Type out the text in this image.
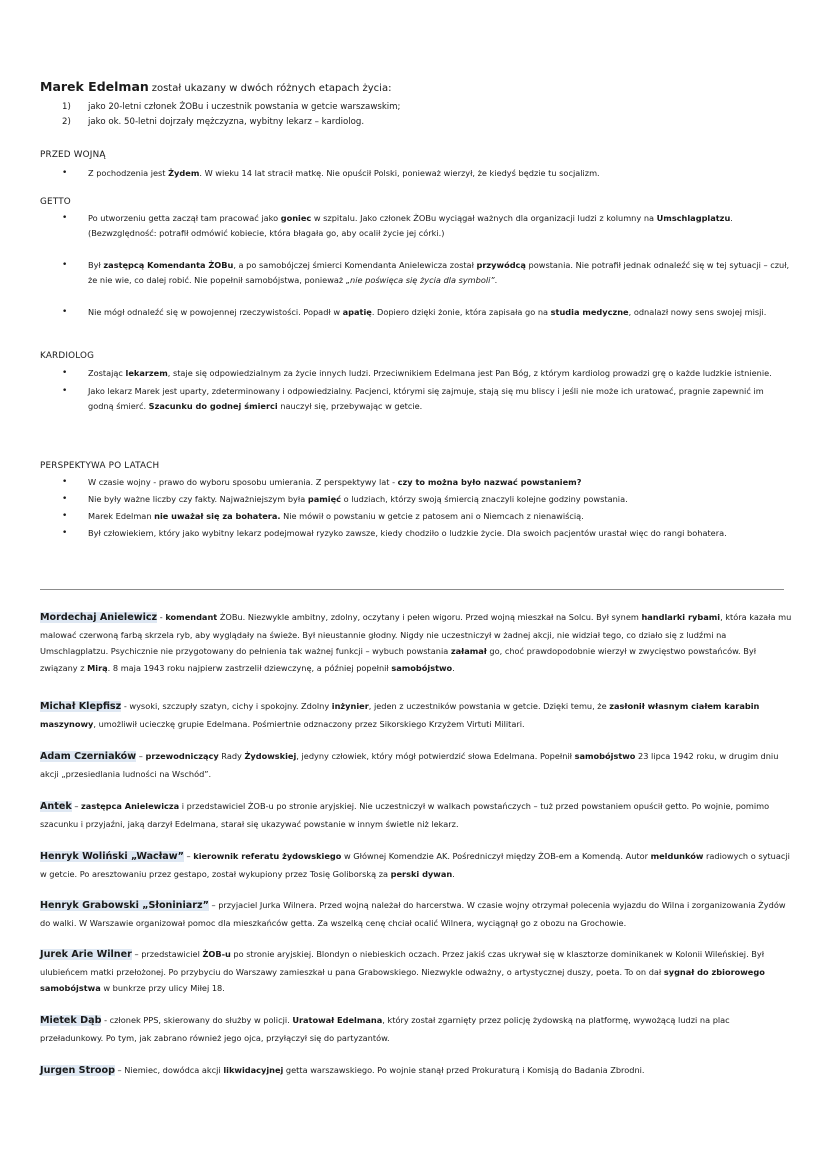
Marek Edelman został ukazany w dwóch różnych etapach życia:
1) jako 20-letni członek ŻOBu i uczestnik powstania w getcie warszawskim;
2) jako ok. 50-letni dojrzały mężczyzna, wybitny lekarz – kardiolog.
PRZED WOJNĄ
•	Z pochodzenia jest Żydem. W wieku 14 lat stracił matkę. Nie opuścił Polski, ponieważ wierzył, że kiedyś będzie tu socjalizm.
GETTO
•	Po utworzeniu getta zaczął tam pracować jako goniec w szpitalu. Jako członek ŻOBu wyciągał ważnych dla organizacji ludzi z kolumny na Umschlagplatzu. (Bezwzględność: potrafił odmówić kobiecie, która błagała go, aby ocalił życie jej córki.)
•	Był zastępcą Komendanta ŻOBu, a po samobójczej śmierci Komendanta Anielewicza został przywódcą powstania. Nie potrafił jednak odnaleźć się w tej sytuacji – czuł, że nie wie, co dalej robić. Nie popełnił samobójstwa, ponieważ „nie poświęca się życia dla symboli”.
•	Nie mógł odnaleźć się w powojennej rzeczywistości. Popadł w apatię. Dopiero dzięki żonie, która zapisała go na studia medyczne, odnalazł nowy sens swojej misji.
KARDIOLOG
•	Zostając lekarzem, staje się odpowiedzialnym za życie innych ludzi. Przeciwnikiem Edelmana jest Pan Bóg, z którym kardiolog prowadzi grę o każde ludzkie istnienie.
•	Jako lekarz Marek jest uparty, zdeterminowany i odpowiedzialny. Pacjenci, którymi się zajmuje, stają się mu bliscy i jeśli nie może ich uratować, pragnie zapewnić im godną śmierć. Szacunku do godnej śmierci nauczył się, przebywając w getcie.
PERSPEKTYWA PO LATACH
•	W czasie wojny - prawo do wyboru sposobu umierania. Z perspektywy lat - czy to można było nazwać powstaniem?
•	Nie były ważne liczby czy fakty. Najważniejszym była pamięć o ludziach, którzy swoją śmiercią znaczyli kolejne godziny powstania.
•	Marek Edelman nie uważał się za bohatera. Nie mówił o powstaniu w getcie z patosem ani o Niemcach z nienawiścią.
•	Był człowiekiem, który jako wybitny lekarz podejmował ryzyko zawsze, kiedy chodziło o ludzkie życie. Dla swoich pacjentów urastał więc do rangi bohatera.
Mordechaj Anielewicz - komendant ŻOBu. Niezwykle ambitny, zdolny, oczytany i pełen wigoru. Przed wojną mieszkał na Solcu. Był synem handlarki rybami, która kazała mu malować czerwoną farbą skrzela ryb, aby wyglądały na świeże. Był nieustannie głodny. Nigdy nie uczestniczył w żadnej akcji, nie widział tego, co działo się z ludźmi na Umschlagplatzu. Psychicznie nie przygotowany do pełnienia tak ważnej funkcji – wybuch powstania załamał go, choć prawdopodobnie wierzył w zwycięstwo powstańców. Był związany z Mirą. 8 maja 1943 roku najpierw zastrzelił dziewczynę, a później popełnił samobójstwo.
Michał Klepfisz - wysoki, szczupły szatyn, cichy i spokojny. Zdolny inżynier, jeden z uczestników powstania w getcie. Dzięki temu, że zasłonił własnym ciałem karabin maszynowy, umożliwił ucieczkę grupie Edelmana. Pośmiertnie odznaczony przez Sikorskiego Krzyżem Virtuti Militari.
Adam Czerniaków – przewodniczący Rady Żydowskiej, jedyny człowiek, który mógł potwierdzić słowa Edelmana. Popełnił samobójstwo 23 lipca 1942 roku, w drugim dniu akcji „przesiedlania ludności na Wschód”.
Antek – zastępca Anielewicza i przedstawiciel ŻOB-u po stronie aryjskiej. Nie uczestniczył w walkach powstańczych – tuż przed powstaniem opuścił getto. Po wojnie, pomimo szacunku i przyjaźni, jaką darzył Edelmana, starał się ukazywać powstanie w innym świetle niż lekarz.
Henryk Woliński „Wacław” – kierownik referatu żydowskiego w Głównej Komendzie AK. Pośredniczył między ŻOB-em a Komendą. Autor meldunków radiowych o sytuacji w getcie. Po aresztowaniu przez gestapo, został wykupiony przez Tosię Goliborską za perski dywan.
Henryk Grabowski „Słoniniarz” – przyjaciel Jurka Wilnera. Przed wojną należał do harcerstwa. W czasie wojny otrzymał polecenia wyjazdu do Wilna i zorganizowania Żydów do walki. W Warszawie organizował pomoc dla mieszkańców getta. Za wszelką cenę chciał ocalić Wilnera, wyciągnął go z obozu na Grochowie.
Jurek Arie Wilner – przedstawiciel ŻOB-u po stronie aryjskiej. Blondyn o niebieskich oczach. Przez jakiś czas ukrywał się w klasztorze dominikanek w Kolonii Wileńskiej. Był ulubieńcem matki przełożonej. Po przybyciu do Warszawy zamieszkał u pana Grabowskiego. Niezwykle odważny, o artystycznej duszy, poeta. To on dał sygnał do zbiorowego samobójstwa w bunkrze przy ulicy Miłej 18.
Mietek Dąb - członek PPS, skierowany do służby w policji. Uratował Edelmana, który został zgarnięty przez policję żydowską na platformę, wywożącą ludzi na plac przeładunkowy. Po tym, jak zabrano również jego ojca, przyłączył się do partyzantów.
Jurgen Stroop – Niemiec, dowódca akcji likwidacyjnej getta warszawskiego. Po wojnie stanął przed Prokuraturą i Komisją do Badania Zbrodni.
